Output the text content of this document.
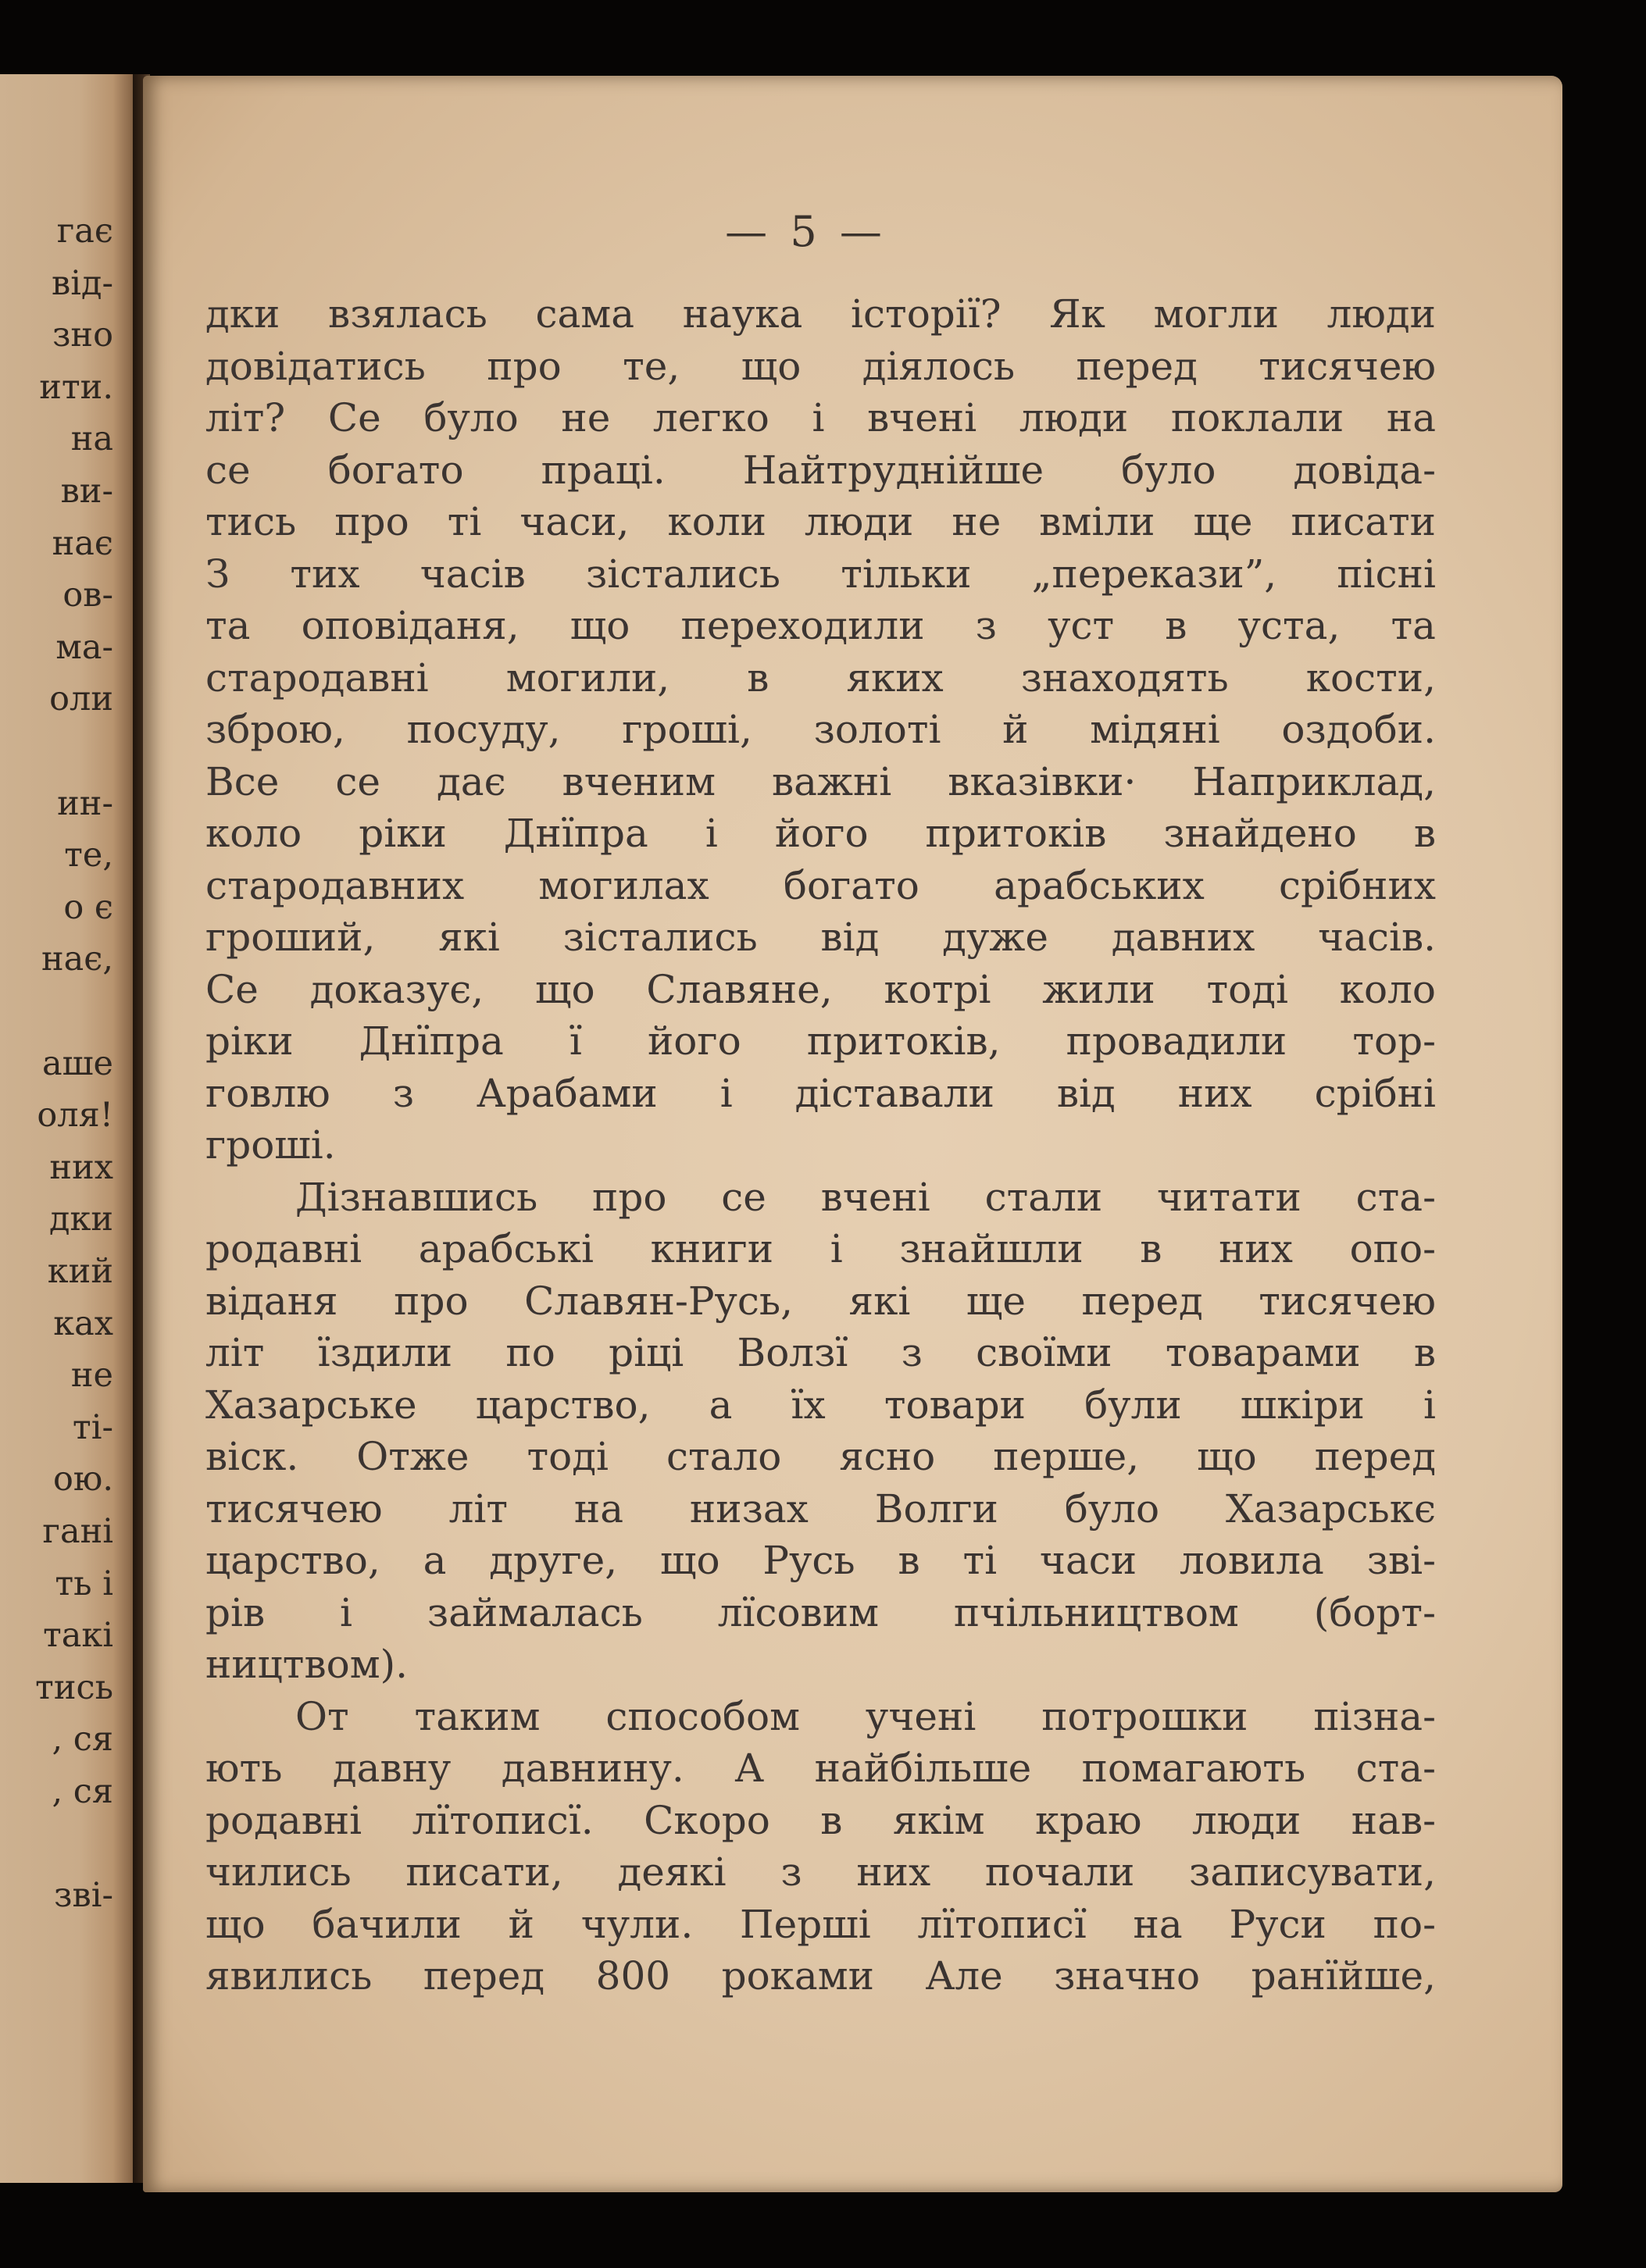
гає
від-
зно
ити.
на
ви-
нає
ов-
ма-
оли
ин-
те,
о є
нає,
аше
оля!
них
дки
кий
ках
не
ті-
ою.
гані
ть і
такі
тись
, ся
, ся
зві-
— 5 —
дки взялась сама наука історії? Як могли люди
довідатись про те, що діялось перед тисячею
літ? Се було не легко і вчені люди поклали на
се богато праці. Найтруднійше було довіда-
тись про ті часи, коли люди не вміли ще писати
З тих часів зістались тільки „перекази”, пісні
та оповіданя, що переходили з уст в уста, та
стародавні могили, в яких знаходять кости,
зброю, посуду, гроші, золоті й мідяні оздоби.
Все се дає вченим важні вказівки· Наприклад,
коло ріки Днїпра і його притоків знайдено в
стародавних могилах богато арабських срібних
гроший, які зістались від дуже давних часів.
Се доказує, що Славяне, котрі жили тоді коло
ріки Днїпра ї його притоків, провадили тор-
говлю з Арабами і діставали від них срібні
гроші.
Дізнавшись про се вчені стали читати ста-
родавні арабські книги і знайшли в них опо-
віданя про Славян-Русь, які ще перед тисячею
літ їздили по ріці Волзї з своїми товарами в
Хазарське царство, а їх товари були шкіри і
віск. Отже тоді стало ясно перше, що перед
тисячею літ на низах Волги було Хазарськє
царство, а друге, що Русь в ті часи ловила зві-
рів і займалась лїсовим пчільництвом (борт-
ництвом).
От таким способом учені потрошки пізна-
ють давну давнину. А найбільше помагають ста-
родавні лїтописї. Скоро в якім краю люди нав-
чились писати, деякі з них почали записувати,
що бачили й чули. Перші лїтописї на Руси по-
явились перед 800 роками Але значно ранїйше,
